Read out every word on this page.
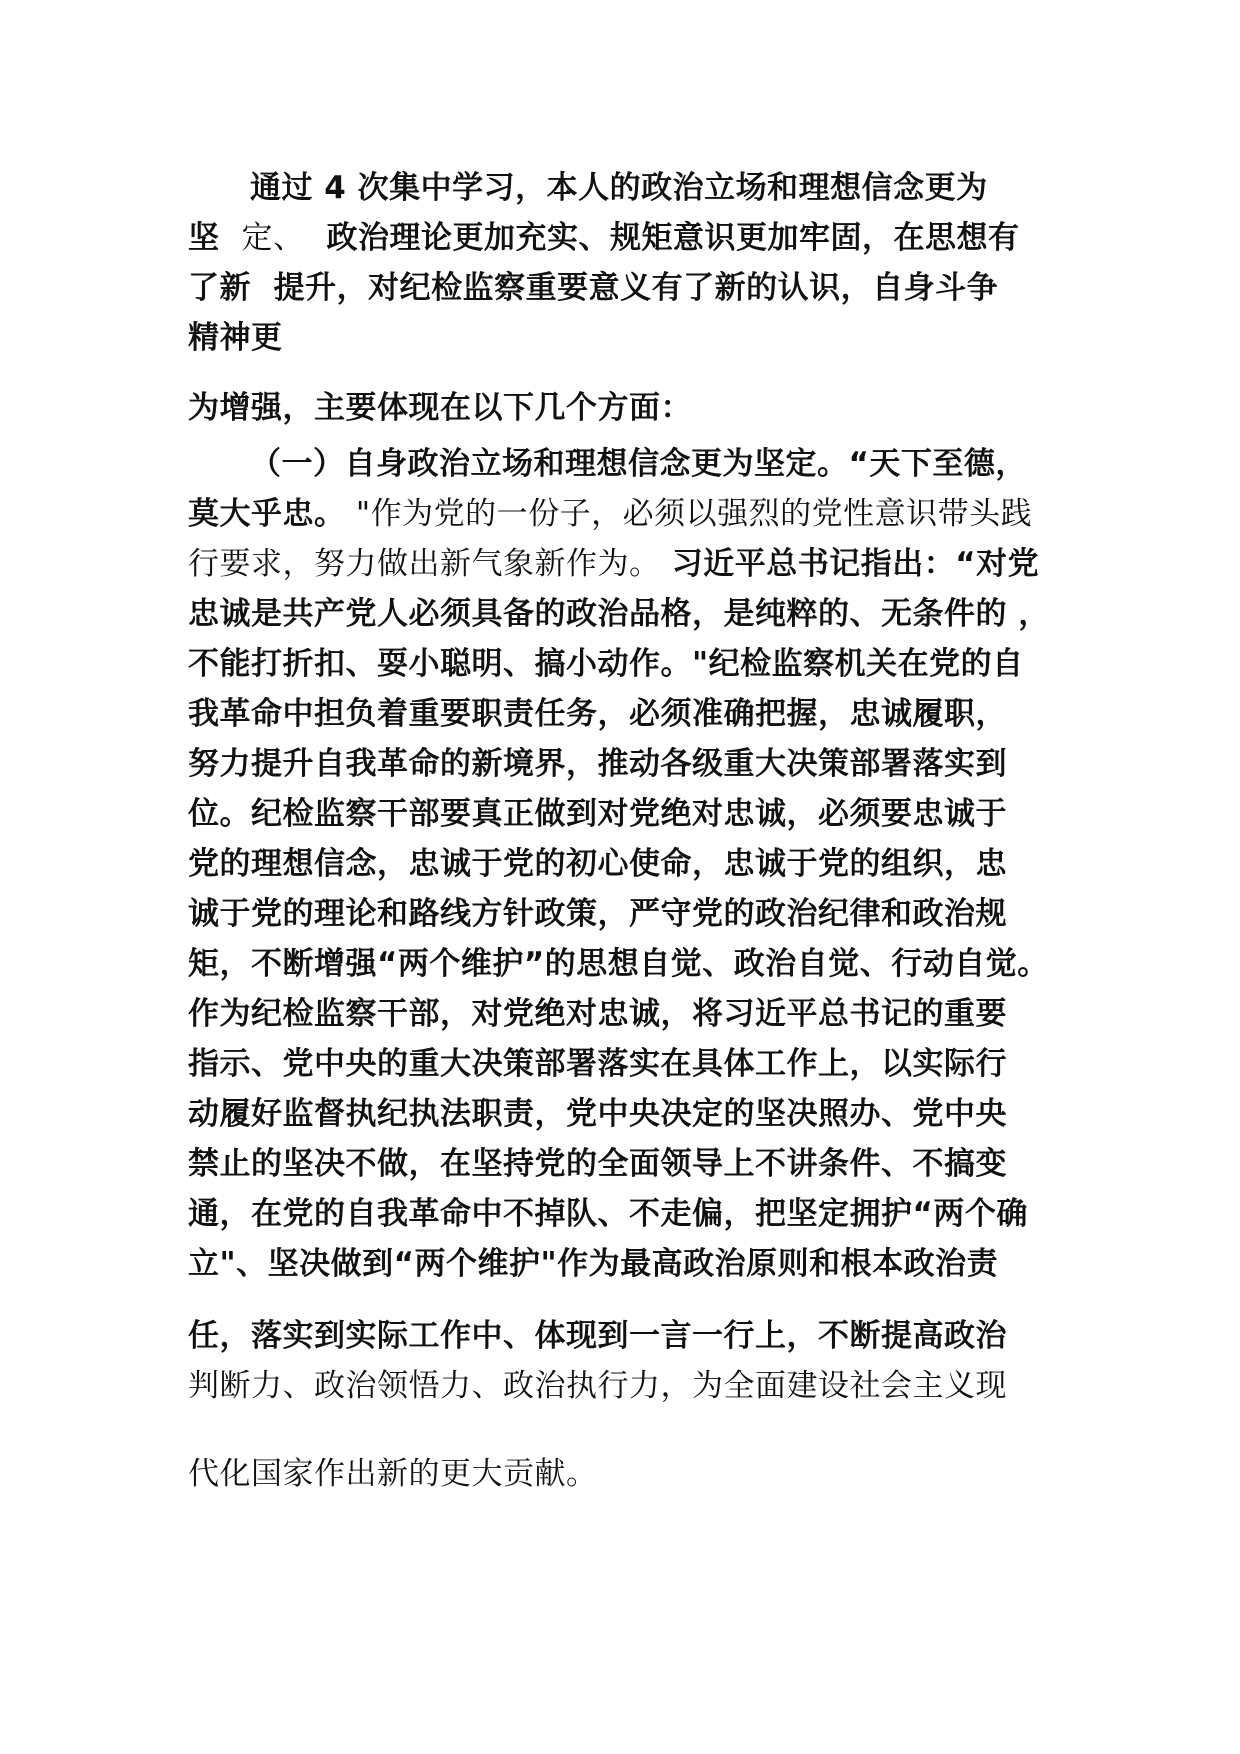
通过 4 次集中学习，本人的政治立场和理想信念更为
坚 定、 政治理论更加充实、规矩意识更加牢固，在思想有
了新  提升，对纪检监察重要意义有了新的认识，自身斗争
精神更
为增强，主要体现在以下几个方面：
（一）自身政治立场和理想信念更为坚定。“天下至德，
莫大乎忠。 "作为党的一份子，必须以强烈的党性意识带头践
行要求，努力做出新气象新作为。 习近平总书记指出：“对党
忠诚是共产党人必须具备的政治品格，是纯粹的、无条件的 ，
不能打折扣、耍小聪明、搞小动作。"纪检监察机关在党的自
我革命中担负着重要职责任务，必须准确把握，忠诚履职，
努力提升自我革命的新境界，推动各级重大决策部署落实到
位。纪检监察干部要真正做到对党绝对忠诚，必须要忠诚于
党的理想信念，忠诚于党的初心使命，忠诚于党的组织，忠
诚于党的理论和路线方针政策，严守党的政治纪律和政治规
矩，不断增强“两个维护”的思想自觉、政治自觉、行动自觉。
作为纪检监察干部，对党绝对忠诚，将习近平总书记的重要
指示、党中央的重大决策部署落实在具体工作上，以实际行
动履好监督执纪执法职责，党中央决定的坚决照办、党中央
禁止的坚决不做，在坚持党的全面领导上不讲条件、不搞变
通，在党的自我革命中不掉队、不走偏，把坚定拥护“两个确
立"、坚决做到“两个维护"作为最高政治原则和根本政治责
任，落实到实际工作中、体现到一言一行上，不断提高政治
判断力、政治领悟力、政治执行力，为全面建设社会主义现
代化国家作出新的更大贡献。
